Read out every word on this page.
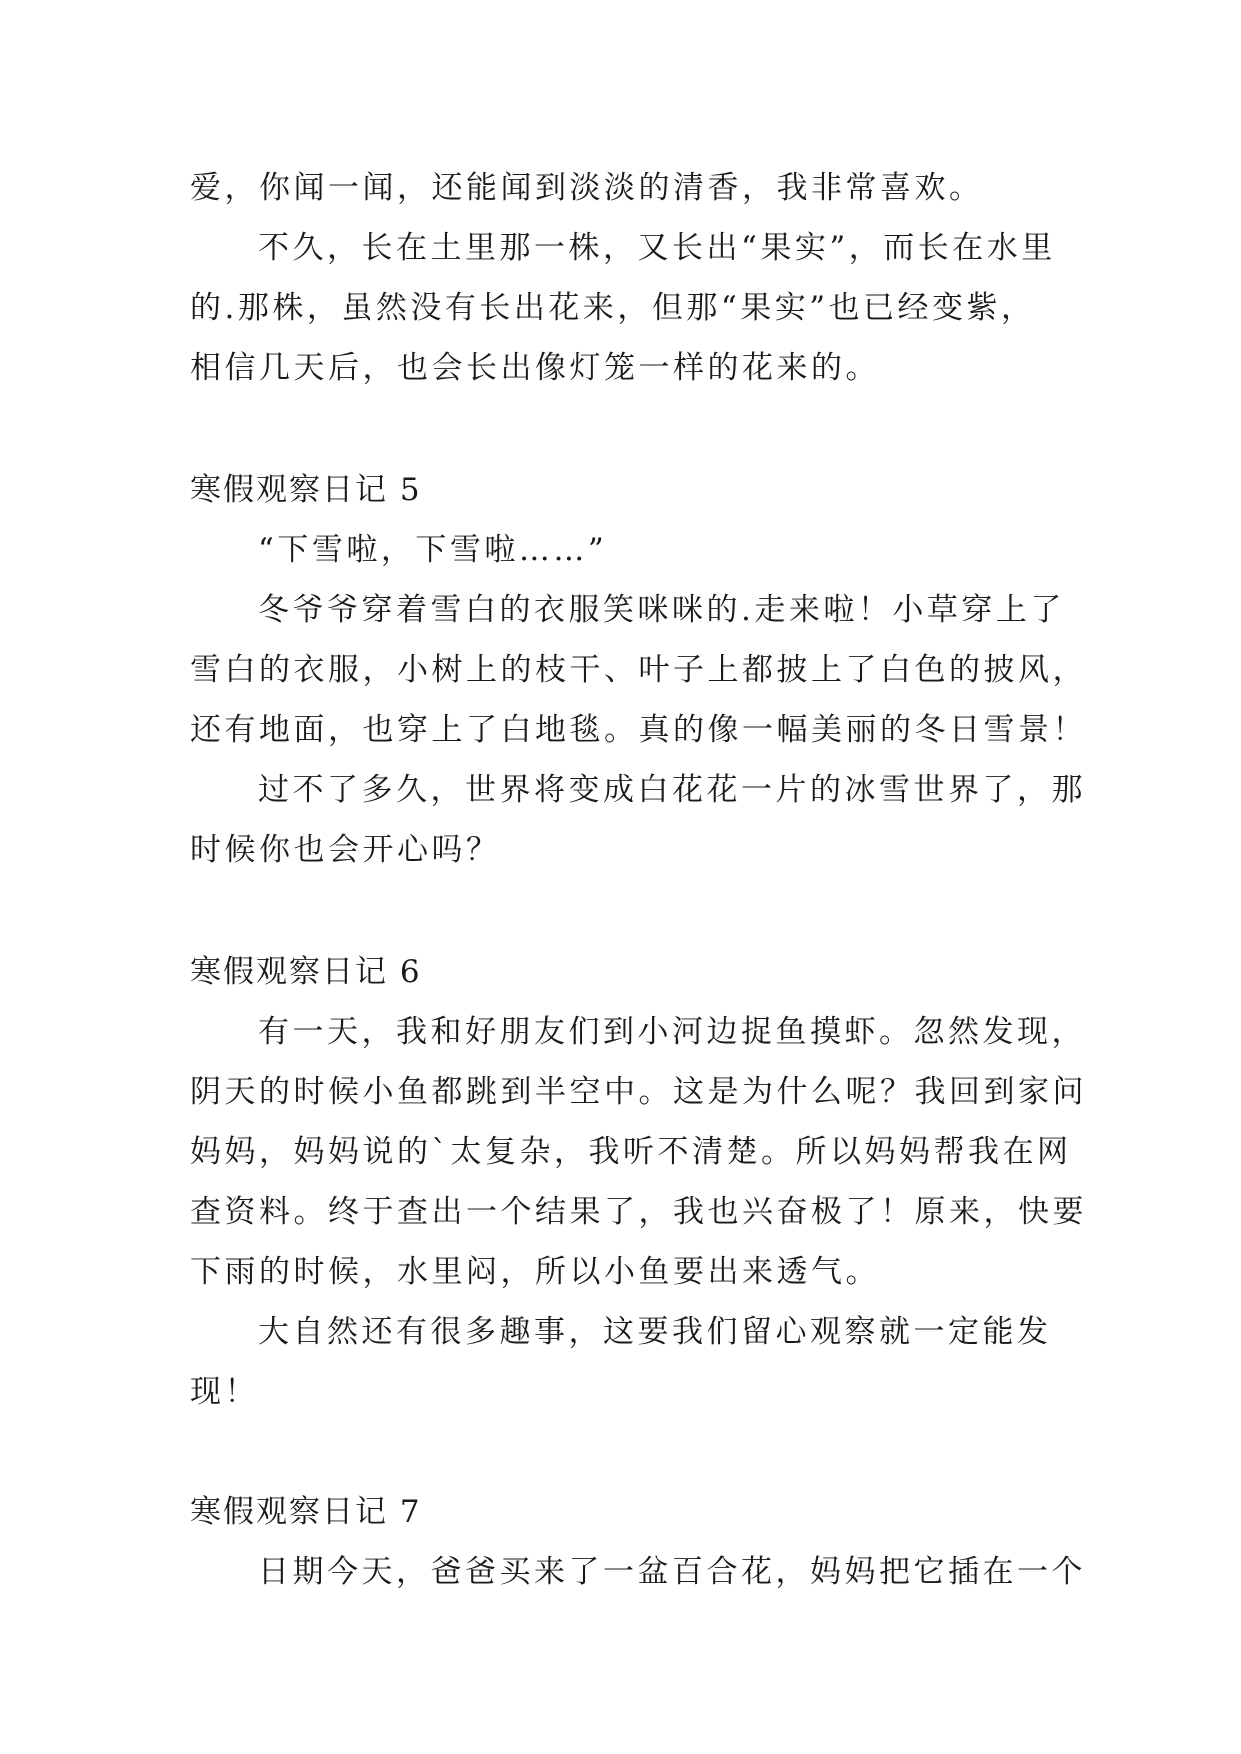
爱，你闻一闻，还能闻到淡淡的清香，我非常喜欢。
不久，长在土里那一株，又长出“果实”，而长在水里
的.那株，虽然没有长出花来，但那“果实”也已经变紫，
相信几天后，也会长出像灯笼一样的花来的。
寒假观察日记 5
“下雪啦，下雪啦……”
冬爷爷穿着雪白的衣服笑咪咪的.走来啦！小草穿上了
雪白的衣服，小树上的枝干、叶子上都披上了白色的披风，
还有地面，也穿上了白地毯。真的像一幅美丽的冬日雪景！
过不了多久，世界将变成白花花一片的冰雪世界了，那
时候你也会开心吗？
寒假观察日记 6
有一天，我和好朋友们到小河边捉鱼摸虾。忽然发现，
阴天的时候小鱼都跳到半空中。这是为什么呢？我回到家问
妈妈，妈妈说的`太复杂，我听不清楚。所以妈妈帮我在网
查资料。终于查出一个结果了，我也兴奋极了！原来，快要
下雨的时候，水里闷，所以小鱼要出来透气。
大自然还有很多趣事，这要我们留心观察就一定能发
现！
寒假观察日记 7
日期今天，爸爸买来了一盆百合花，妈妈把它插在一个
